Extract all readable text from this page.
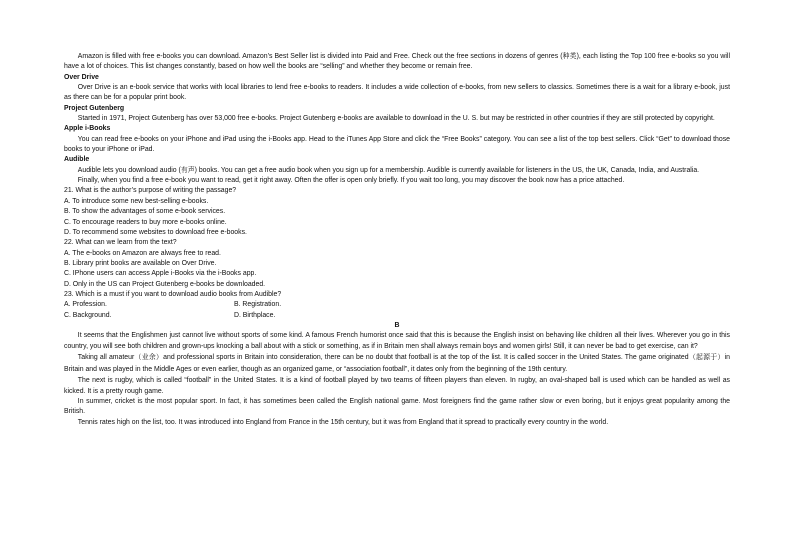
Amazon is filled with free e-books you can download. Amazon’s Best Seller list is divided into Paid and Free. Check out the free sections in dozens of genres (种类), each listing the Top 100 free e-books so you will have a lot of choices. This list changes constantly, based on how well the books are “selling” and whether they become or remain free.

Over Drive

Over Drive is an e-book service that works with local libraries to lend free e-books to readers. It includes a wide collection of e-books, from new sellers to classics. Sometimes there is a wait for a library e-book, just as there can be for a popular print book.

Project Gutenberg

Started in 1971, Project Gutenberg has over 53,000 free e-books. Project Gutenberg e-books are available to download in the U. S. but may be restricted in other countries if they are still protected by copyright.

Apple i-Books

You can read free e-books on your iPhone and iPad using the i-Books app. Head to the iTunes App Store and click the “Free Books” category. You can see a list of the top best sellers. Click “Get” to download those books to your iPhone or iPad.

Audible

Audible lets you download audio (有声) books. You can get a free audio book when you sign up for a membership. Audible is currently available for listeners in the US, the UK, Canada, India, and Australia.

Finally, when you find a free e-book you want to read, get it right away. Often the offer is open only briefly. If you wait too long, you may discover the book now has a price attached.

21. What is the author’s purpose of writing the passage?

A. To introduce some new best-selling e-books.

B. To show the advantages of some e-book services.

C. To encourage readers to buy more e-books online.

D. To recommend some websites to download free e-books.

22. What can we learn from the text?

A. The e-books on Amazon are always free to read.

B. Library print books are available on Over Drive.

C. IPhone users can access Apple i-Books via the i-Books app.

D. Only in the US can Project Gutenberg e-books be downloaded.

23. Which is a must if you want to download audio books from Audible?

A. Profession.	B. Registration.
C. Background.	D. Birthplace.

B

It seems that the Englishmen just cannot live without sports of some kind. A famous French humorist once said that this is because the English insist on behaving like children all their lives. Wherever you go in this country, you will see both children and grown-ups knocking a ball about with a stick or something, as if in Britain men shall always remain boys and women girls! Still, it can never be bad to get exercise, can it?

Taking all amateur（业余）and professional sports in Britain into consideration, there can be no doubt that football is at the top of the list. It is called soccer in the United States. The game originated（起源于）in Britain and was played in the Middle Ages or even earlier, though as an organized game, or “association football”, it dates only from the beginning of the 19th century.

The next is rugby, which is called “football” in the United States. It is a kind of football played by two teams of fifteen players than eleven. In rugby, an oval-shaped ball is used which can be handled as well as kicked. It is a pretty rough game.

In summer, cricket is the most popular sport. In fact, it has sometimes been called the English national game. Most foreigners find the game rather slow or even boring, but it enjoys great popularity among the British.

Tennis rates high on the list, too. It was introduced into England from France in the 15th century, but it was from England that it spread to practically every country in the world.
